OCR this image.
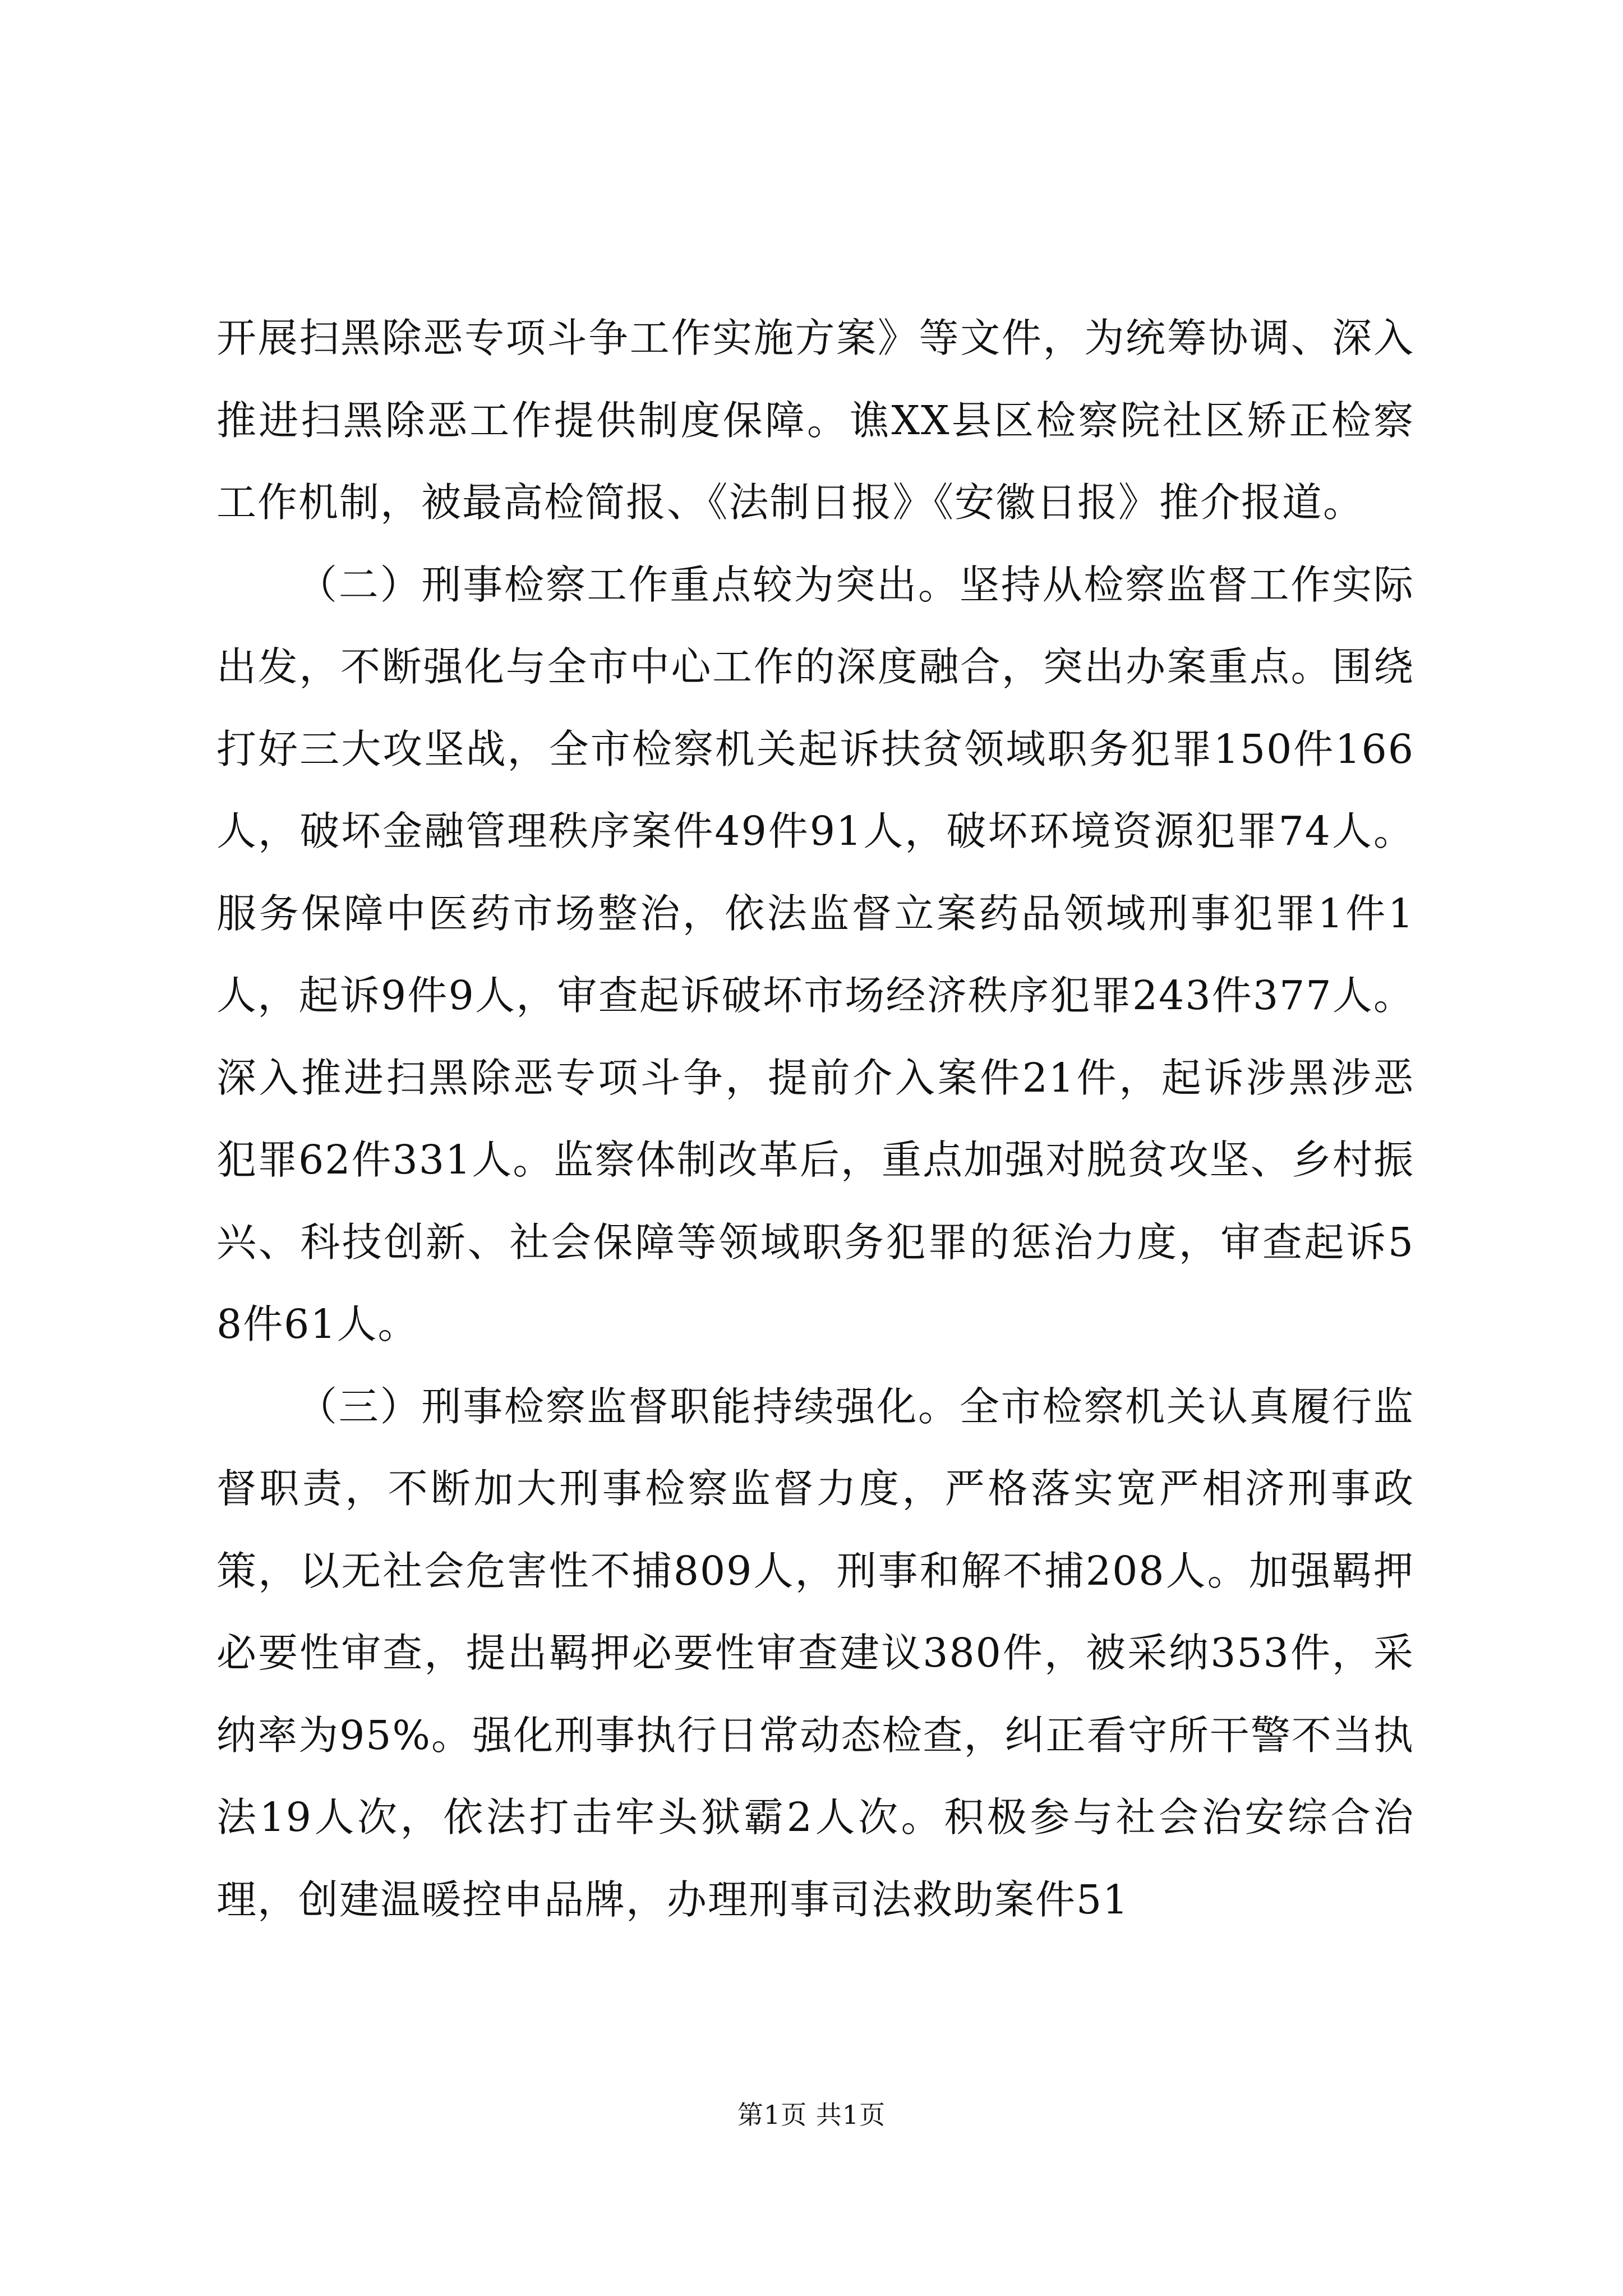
开展扫黑除恶专项斗争工作实施方案》等文件，为统筹协调、深入推进扫黑除恶工作提供制度保障。谯XX县区检察院社区矫正检察工作机制，被最高检简报、《法制日报》《安徽日报》推介报道。

（二）刑事检察工作重点较为突出。坚持从检察监督工作实际出发，不断强化与全市中心工作的深度融合，突出办案重点。围绕打好三大攻坚战，全市检察机关起诉扶贫领域职务犯罪150件166人，破坏金融管理秩序案件49件91人，破坏环境资源犯罪74人。服务保障中医药市场整治，依法监督立案药品领域刑事犯罪1件1人，起诉9件9人，审查起诉破坏市场经济秩序犯罪243件377人。深入推进扫黑除恶专项斗争，提前介入案件21件，起诉涉黑涉恶犯罪62件331人。监察体制改革后，重点加强对脱贫攻坚、乡村振兴、科技创新、社会保障等领域职务犯罪的惩治力度，审查起诉58件61人。

（三）刑事检察监督职能持续强化。全市检察机关认真履行监督职责，不断加大刑事检察监督力度，严格落实宽严相济刑事政策，以无社会危害性不捕809人，刑事和解不捕208人。加强羁押必要性审查，提出羁押必要性审查建议380件，被采纳353件，采纳率为95%。强化刑事执行日常动态检查，纠正看守所干警不当执法19人次，依法打击牢头狱霸2人次。积极参与社会治安综合治理，创建温暖控申品牌，办理刑事司法救助案件51

第1页 共1页
